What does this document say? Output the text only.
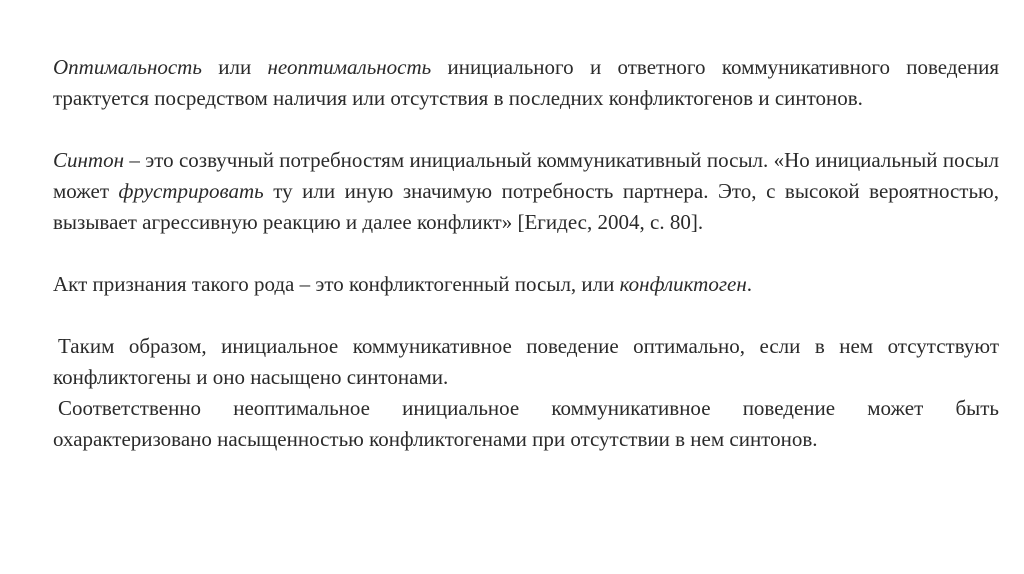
Оптимальность или неоптимальность инициального и ответного коммуникативного поведения трактуется посредством наличия или отсутствия в последних конфликтогенов и синтонов.

Синтон – это созвучный потребностям инициальный коммуникативный посыл. «Но инициальный посыл может фрустрировать ту или иную значимую потребность партнера. Это, с высокой вероятностью, вызывает агрессивную реакцию и далее конфликт» [Егидес, 2004, с. 80].

Акт признания такого рода – это конфликтогенный посыл, или конфликтоген.

Таким образом, инициальное коммуникативное поведение оптимально, если в нем отсутствуют конфликтогены и оно насыщено синтонами.

Соответственно неоптимальное инициальное коммуникативное поведение может быть охарактеризовано насыщенностью конфликтогенами при отсутствии в нем синтонов.
